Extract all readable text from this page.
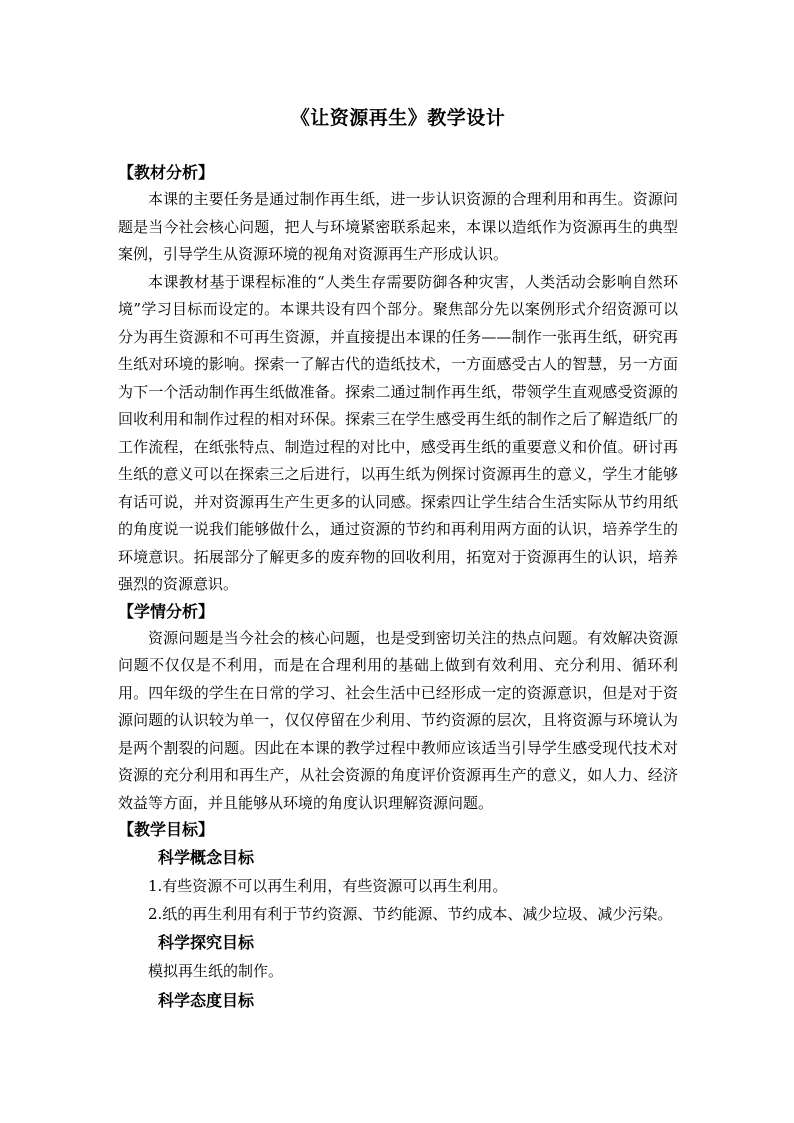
《让资源再生》教学设计

【教材分析】

本课的主要任务是通过制作再生纸，进一步认识资源的合理利用和再生。资源问题是当今社会核心问题，把人与环境紧密联系起来，本课以造纸作为资源再生的典型案例，引导学生从资源环境的视角对资源再生产形成认识。

本课教材基于课程标准的“人类生存需要防御各种灾害，人类活动会影响自然环境”学习目标而设定的。本课共设有四个部分。聚焦部分先以案例形式介绍资源可以分为再生资源和不可再生资源，并直接提出本课的任务——制作一张再生纸，研究再生纸对环境的影响。探索一了解古代的造纸技术，一方面感受古人的智慧，另一方面为下一个活动制作再生纸做准备。探索二通过制作再生纸，带领学生直观感受资源的回收利用和制作过程的相对环保。探索三在学生感受再生纸的制作之后了解造纸厂的工作流程，在纸张特点、制造过程的对比中，感受再生纸的重要意义和价值。研讨再生纸的意义可以在探索三之后进行，以再生纸为例探讨资源再生的意义，学生才能够有话可说，并对资源再生产生更多的认同感。探索四让学生结合生活实际从节约用纸的角度说一说我们能够做什么，通过资源的节约和再利用两方面的认识，培养学生的环境意识。拓展部分了解更多的废弃物的回收利用，拓宽对于资源再生的认识，培养强烈的资源意识。

【学情分析】

资源问题是当今社会的核心问题，也是受到密切关注的热点问题。有效解决资源问题不仅仅是不利用，而是在合理利用的基础上做到有效利用、充分利用、循环利用。四年级的学生在日常的学习、社会生活中已经形成一定的资源意识，但是对于资源问题的认识较为单一，仅仅停留在少利用、节约资源的层次，且将资源与环境认为是两个割裂的问题。因此在本课的教学过程中教师应该适当引导学生感受现代技术对资源的充分利用和再生产，从社会资源的角度评价资源再生产的意义，如人力、经济效益等方面，并且能够从环境的角度认识理解资源问题。

【教学目标】

科学概念目标

1.有些资源不可以再生利用，有些资源可以再生利用。

2.纸的再生利用有利于节约资源、节约能源、节约成本、减少垃圾、减少污染。

科学探究目标

模拟再生纸的制作。

科学态度目标
